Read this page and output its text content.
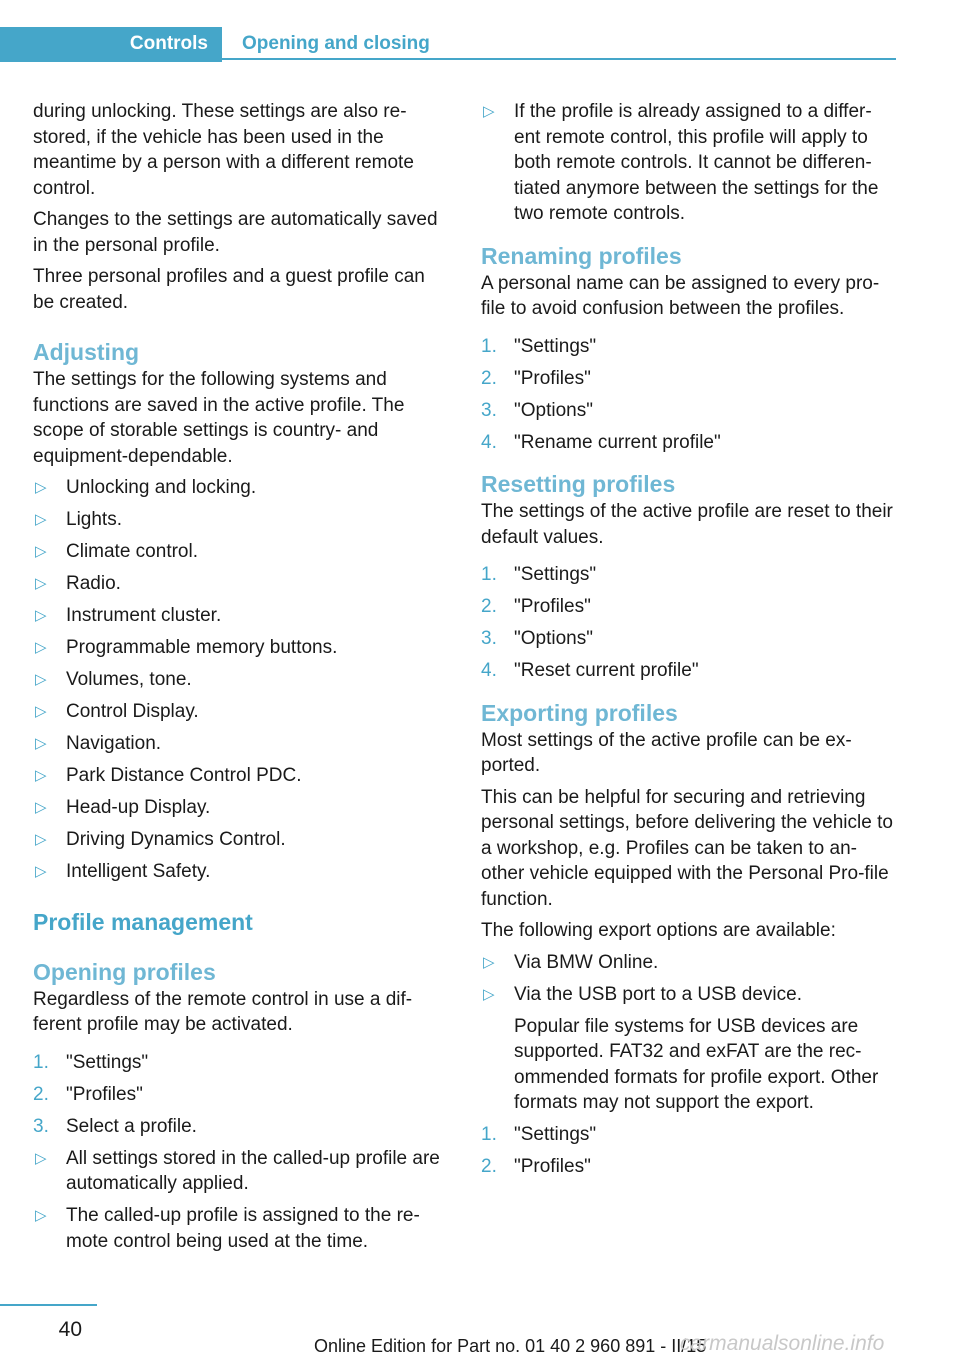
Controls	Opening and closing

during unlocking. These settings are also re-stored, if the vehicle has been used in the meantime by a person with a different remote control.

Changes to the settings are automatically saved in the personal profile.

Three personal profiles and a guest profile can be created.

Adjusting

The settings for the following systems and functions are saved in the active profile. The scope of storable settings is country- and equipment-dependable.

▷ Unlocking and locking.
▷ Lights.
▷ Climate control.
▷ Radio.
▷ Instrument cluster.
▷ Programmable memory buttons.
▷ Volumes, tone.
▷ Control Display.
▷ Navigation.
▷ Park Distance Control PDC.
▷ Head-up Display.
▷ Driving Dynamics Control.
▷ Intelligent Safety.
Profile management
Opening profiles

Regardless of the remote control in use a dif-ferent profile may be activated.

1. "Settings"
2. "Profiles"
3. Select a profile.
▷ All settings stored in the called-up profile are automatically applied.
▷ The called-up profile is assigned to the re-mote control being used at the time.
▷ If the profile is already assigned to a differ-ent remote control, this profile will apply to both remote controls. It cannot be differen-tiated anymore between the settings for the two remote controls.
Renaming profiles

A personal name can be assigned to every pro-file to avoid confusion between the profiles.

1. "Settings"
2. "Profiles"
3. "Options"
4. "Rename current profile"
Resetting profiles

The settings of the active profile are reset to their default values.

1. "Settings"
2. "Profiles"
3. "Options"
4. "Reset current profile"
Exporting profiles

Most settings of the active profile can be ex-ported.

This can be helpful for securing and retrieving personal settings, before delivering the vehicle to a workshop, e.g. Profiles can be taken to an-other vehicle equipped with the Personal Pro-file function.

The following export options are available:

▷ Via BMW Online.
▷ Via the USB port to a USB device.

Popular file systems for USB devices are supported. FAT32 and exFAT are the rec-ommended formats for profile export. Other formats may not support the export.

1. "Settings"
2. "Profiles"
40
Online Edition for Part no. 01 40 2 960 891 - II/15
carmanualsonline.info
